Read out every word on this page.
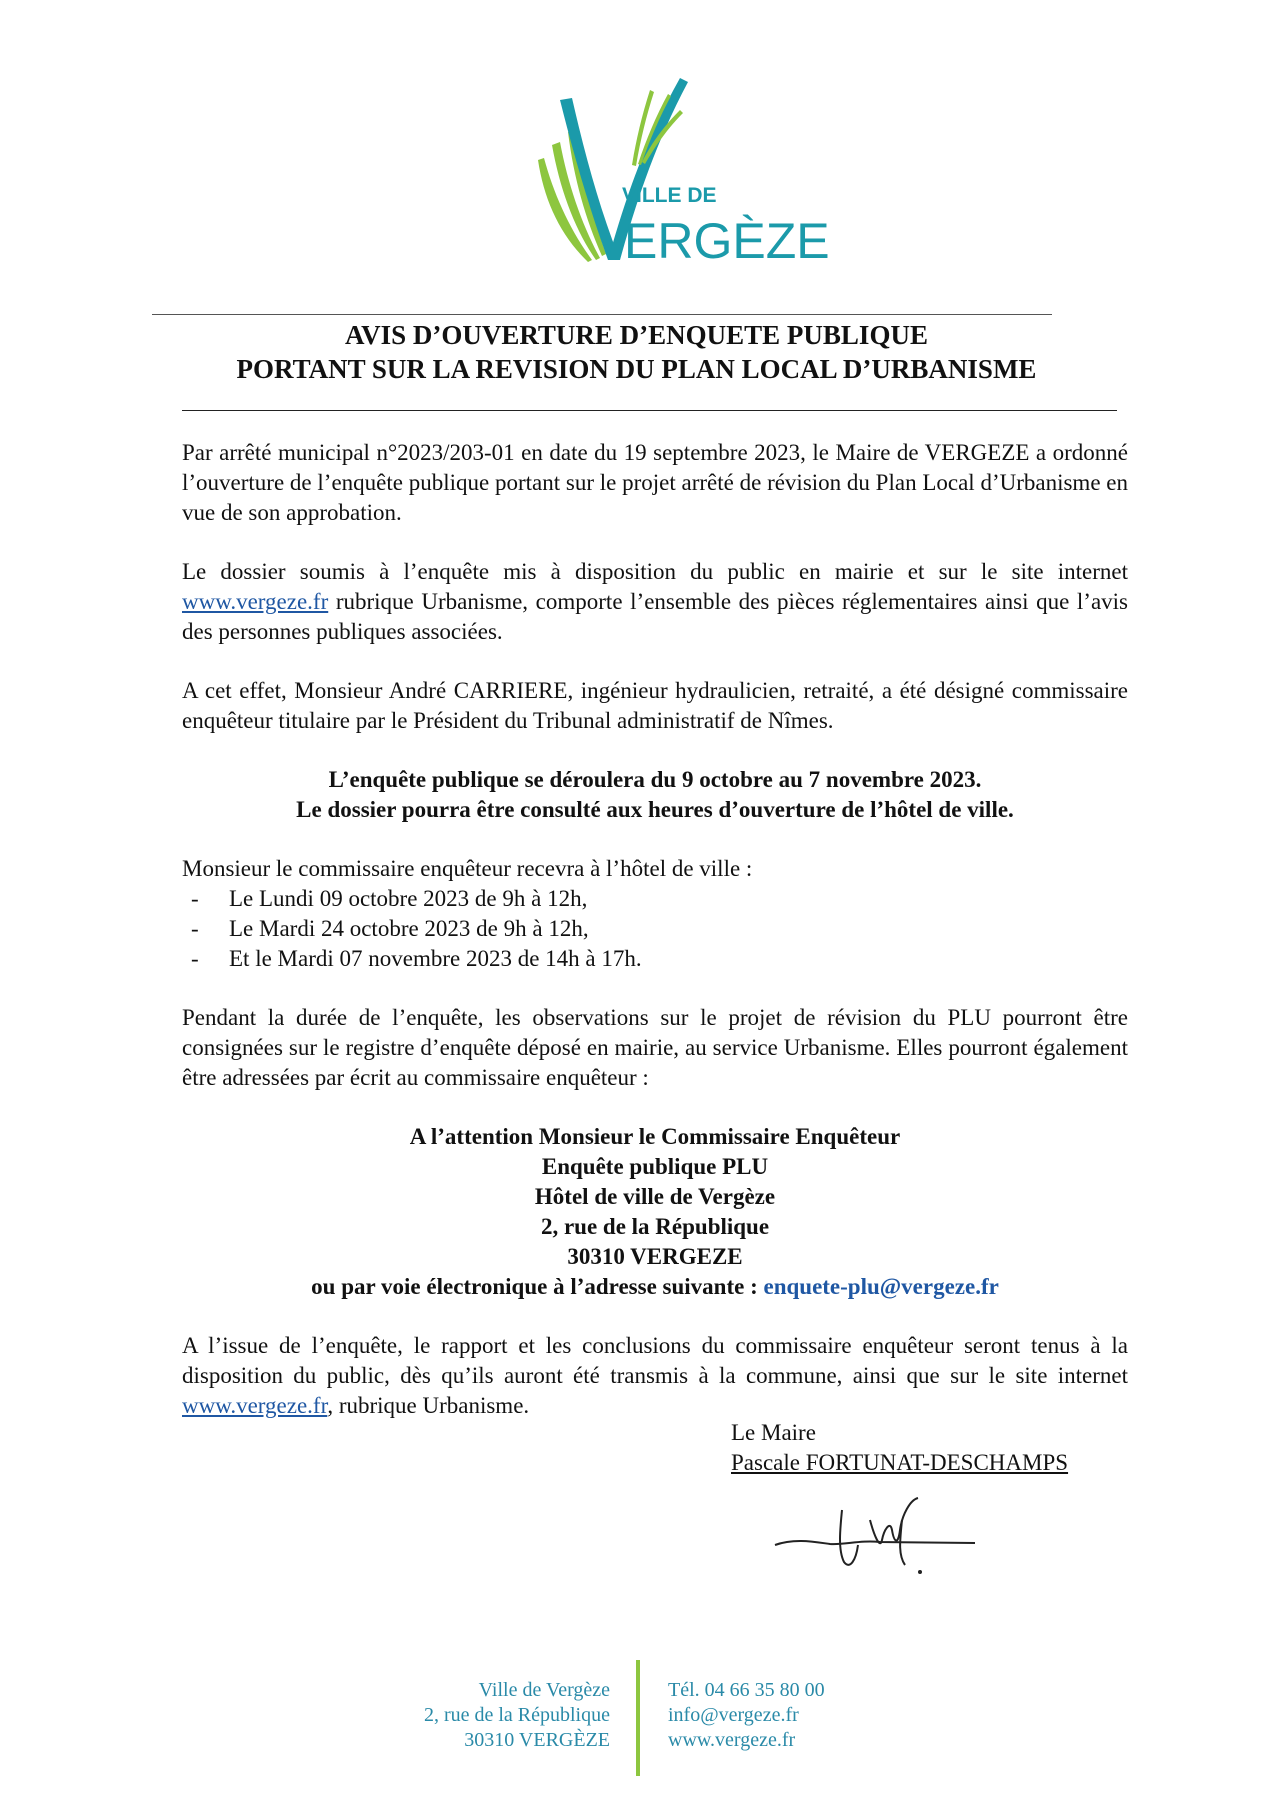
VILLE DE
ERGÈZE
AVIS D’OUVERTURE D’ENQUETE PUBLIQUE
PORTANT SUR LA REVISION DU PLAN LOCAL D’URBANISME

Par arrêté municipal n°2023/203-01 en date du 19 septembre 2023, le Maire de VERGEZE a ordonné l’ouverture de l’enquête publique portant sur le projet arrêté de révision du Plan Local d’Urbanisme en vue de son approbation.

Le dossier soumis à l’enquête mis à disposition du public en mairie et sur le site internet www.vergeze.fr rubrique Urbanisme, comporte l’ensemble des pièces réglementaires ainsi que l’avis des personnes publiques associées.

A cet effet, Monsieur André CARRIERE, ingénieur hydraulicien, retraité, a été désigné commissaire enquêteur titulaire par le Président du Tribunal administratif de Nîmes.

L’enquête publique se déroulera du 9 octobre au 7 novembre 2023.

Le dossier pourra être consulté aux heures d’ouverture de l’hôtel de ville.

Monsieur le commissaire enquêteur recevra à l’hôtel de ville :

- Le Lundi 09 octobre 2023 de 9h à 12h,
- Le Mardi 24 octobre 2023 de 9h à 12h,
- Et le Mardi 07 novembre 2023 de 14h à 17h.

Pendant la durée de l’enquête, les observations sur le projet de révision du PLU pourront être consignées sur le registre d’enquête déposé en mairie, au service Urbanisme. Elles pourront également être adressées par écrit au commissaire enquêteur :

A l’attention Monsieur le Commissaire Enquêteur

Enquête publique PLU

Hôtel de ville de Vergèze

2, rue de la République

30310 VERGEZE

ou par voie électronique à l’adresse suivante : enquete-plu@vergeze.fr

A l’issue de l’enquête, le rapport et les conclusions du commissaire enquêteur seront tenus à la disposition du public, dès qu’ils auront été transmis à la commune, ainsi que sur le site internet www.vergeze.fr, rubrique Urbanisme.

Le Maire
Pascale FORTUNAT-DESCHAMPS
Ville de Vergèze
2, rue de la République
30310 VERGÈZE
Tél. 04 66 35 80 00
info@vergeze.fr
www.vergeze.fr
